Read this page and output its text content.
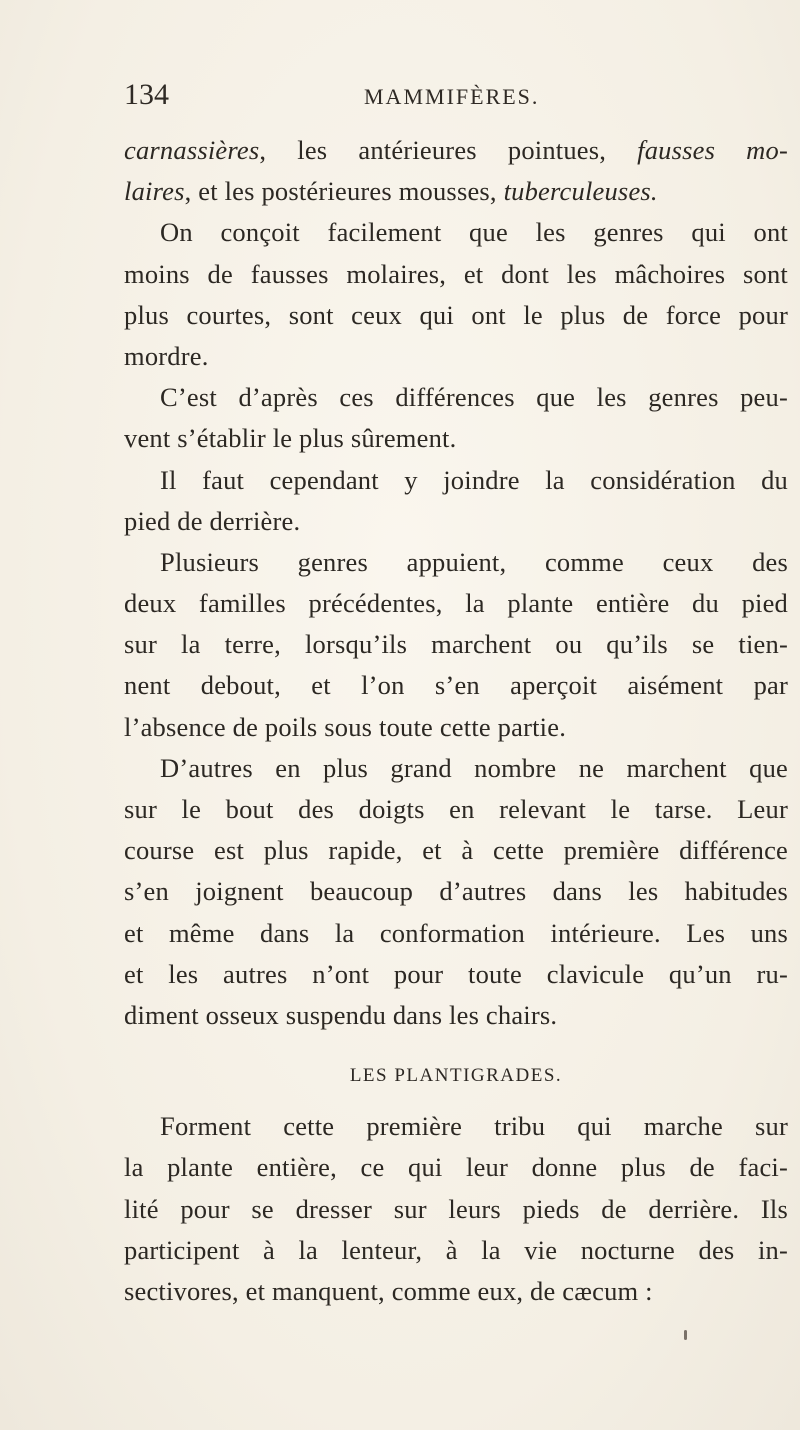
134	MAMMIFÈRES.
carnassières, les antérieures pointues, fausses mo-
laires, et les postérieures mousses, tuberculeuses.
On conçoit facilement que les genres qui ont
moins de fausses molaires, et dont les mâchoires sont
plus courtes, sont ceux qui ont le plus de force pour
mordre.
C’est d’après ces différences que les genres peu-
vent s’établir le plus sûrement.
Il faut cependant y joindre la considération du
pied de derrière.
Plusieurs genres appuient, comme ceux des
deux familles précédentes, la plante entière du pied
sur la terre, lorsqu’ils marchent ou qu’ils se tien-
nent debout, et l’on s’en aperçoit aisément par
l’absence de poils sous toute cette partie.
D’autres en plus grand nombre ne marchent que
sur le bout des doigts en relevant le tarse. Leur
course est plus rapide, et à cette première différence
s’en joignent beaucoup d’autres dans les habitudes
et même dans la conformation intérieure. Les uns
et les autres n’ont pour toute clavicule qu’un ru-
diment osseux suspendu dans les chairs.
LES PLANTIGRADES.
Forment cette première tribu qui marche sur
la plante entière, ce qui leur donne plus de faci-
lité pour se dresser sur leurs pieds de derrière. Ils
participent à la lenteur, à la vie nocturne des in-
sectivores, et manquent, comme eux, de cæcum :
